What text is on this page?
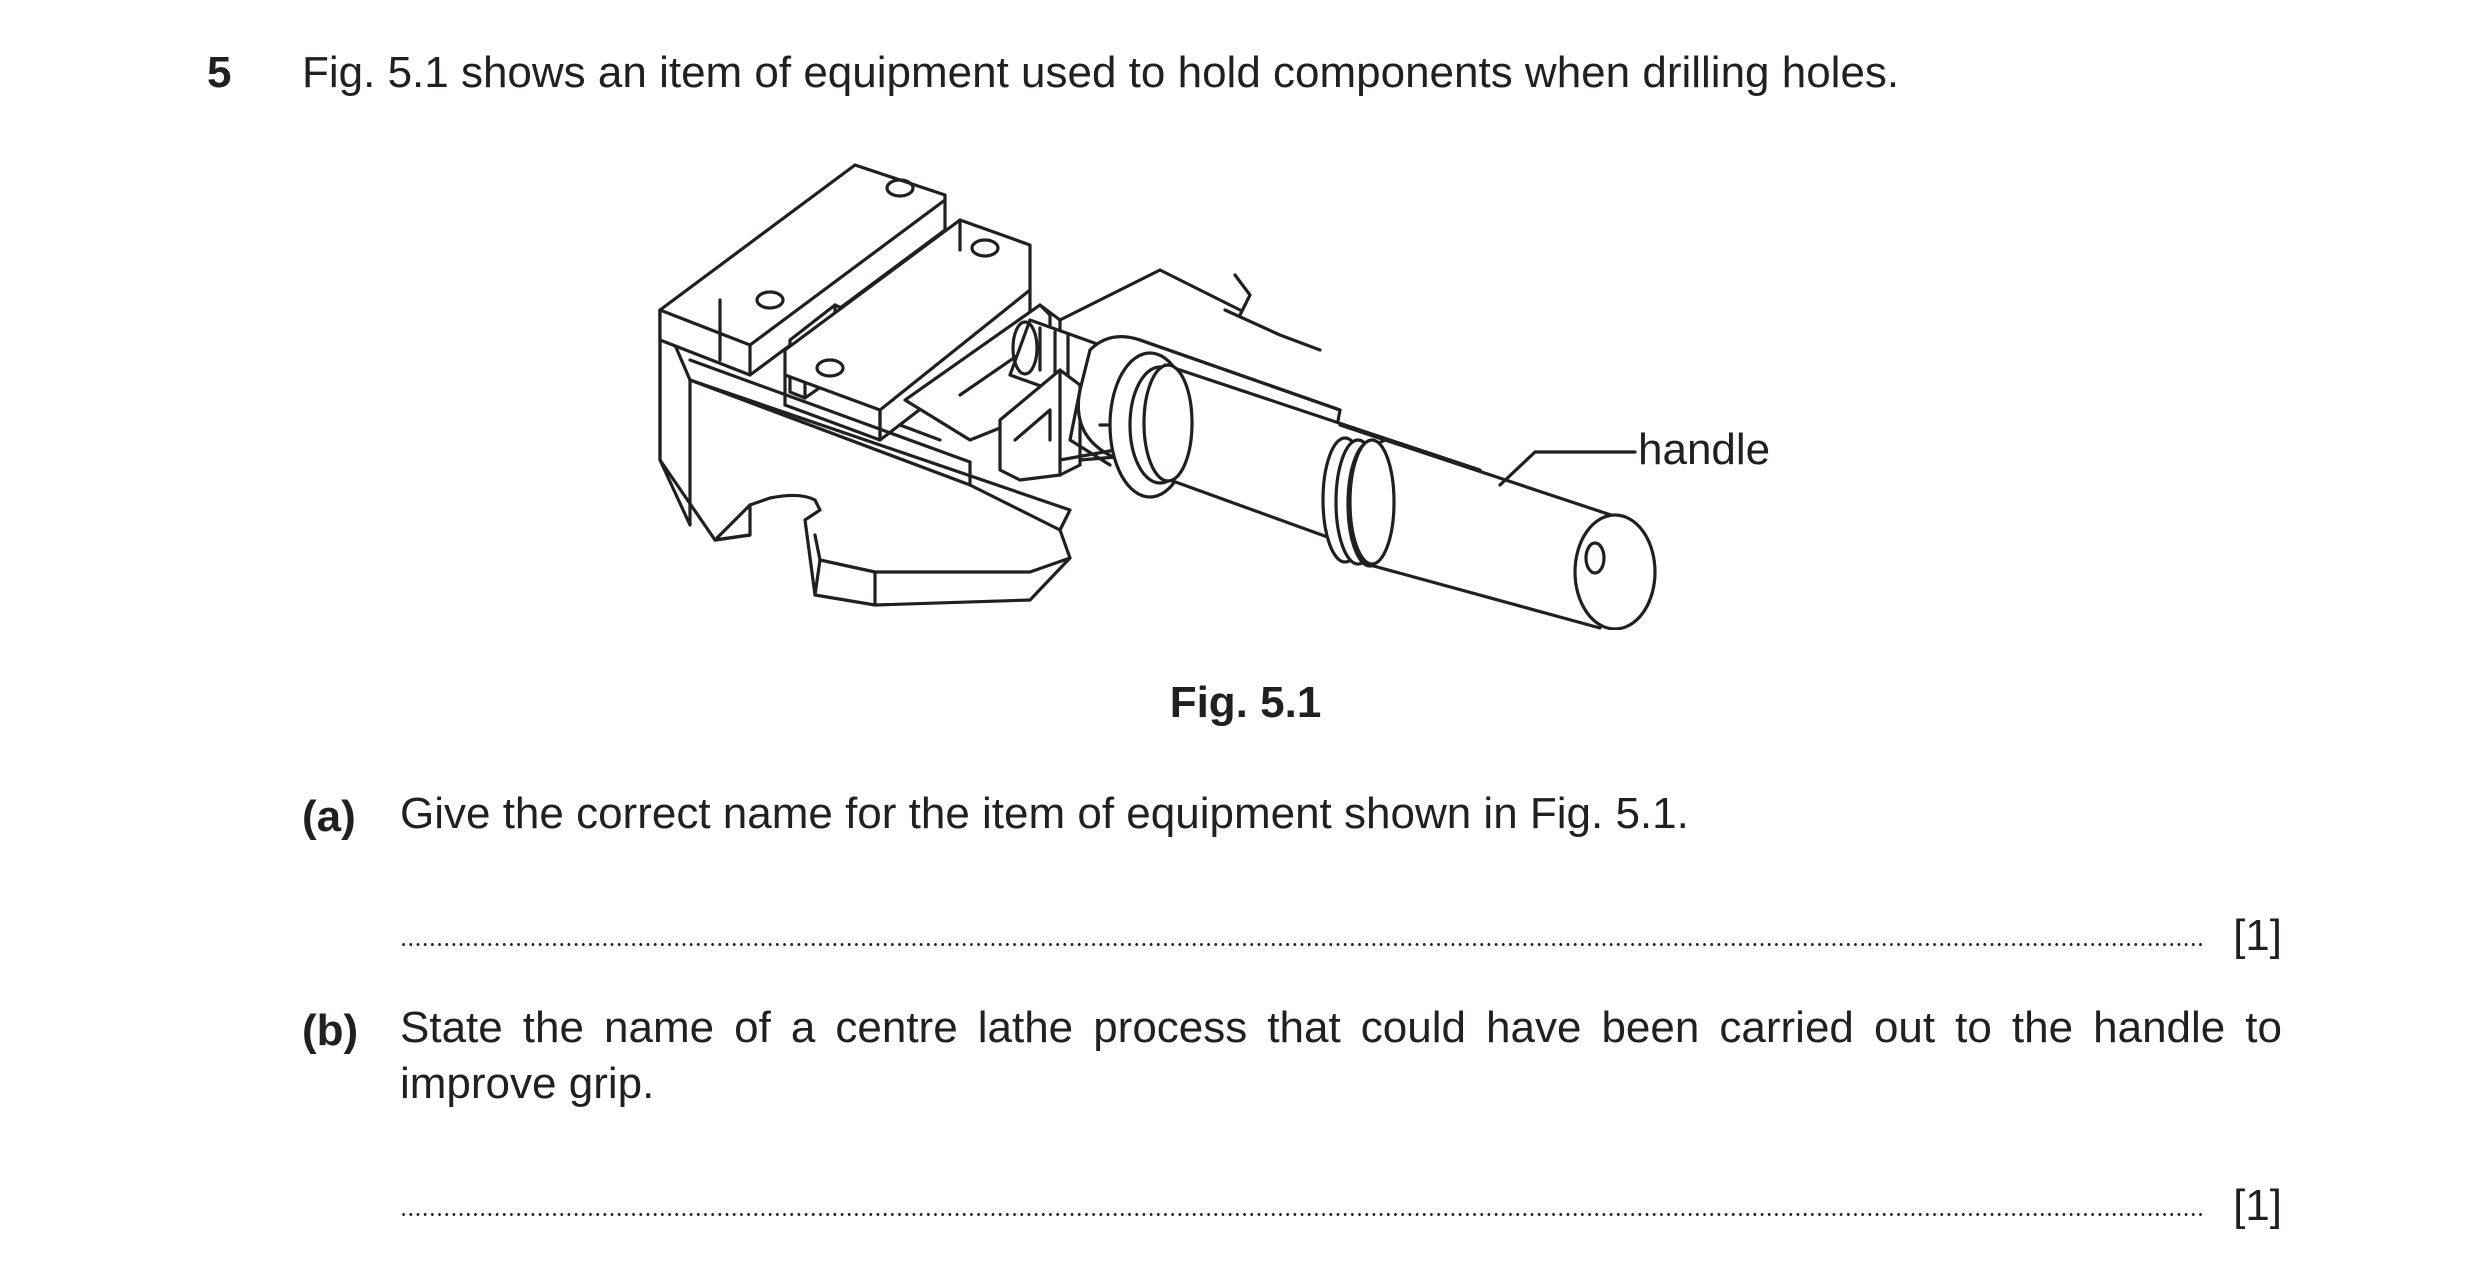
5 Fig. 5.1 shows an item of equipment used to hold components when drilling holes.
handle
Fig. 5.1
(a) Give the correct name for the item of equipment shown in Fig. 5.1.
[1]
(b) State the name of a centre lathe process that could have been carried out to the handle to improve grip.
[1]
